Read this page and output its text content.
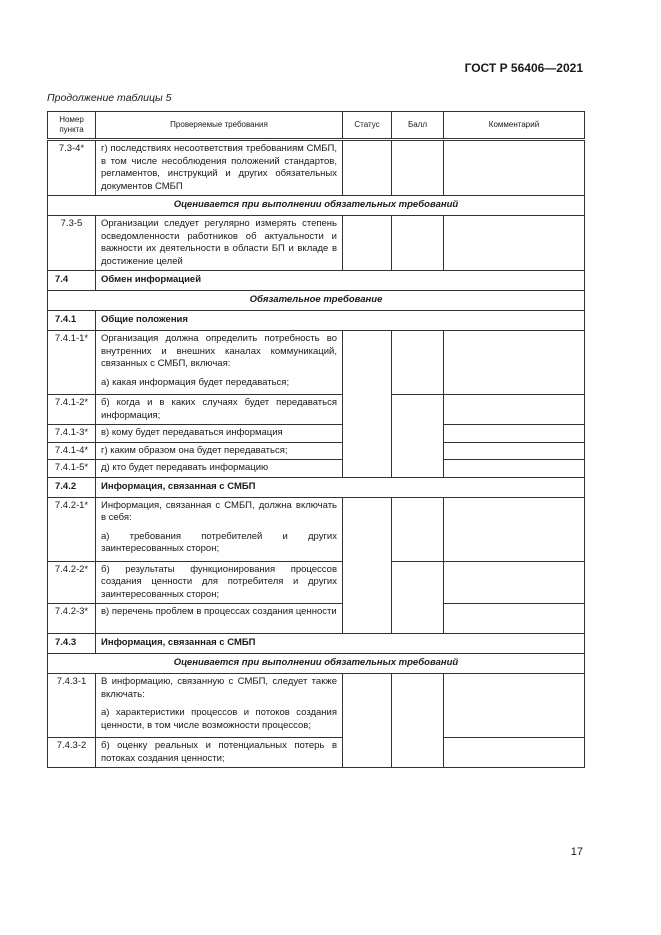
ГОСТ Р 56406—2021
Продолжение таблицы 5
Номер пункта	Проверяемые требования	Статус	Балл	Комментарий
7.3-4*	г) последствиях несоответствия требованиям СМБП, в том числе несоблюдения положений стандартов, регламентов, инструкций и других обязательных документов СМБП			
Оценивается при выполнении обязательных требований				
7.3-5	Организации следует регулярно измерять степень осведомленности работников об актуальности и важности их деятельности в области БП и вкладе в достижение целей			
7.4	Обмен информацией			
Обязательное требование				
7.4.1	Общие положения			
7.4.1-1*	Организация должна определить потребность во внутренних и внешних каналах коммуникаций, связанных с СМБП, включая:

а) какая информация будет передаваться;			

7.4.1-2*	б) когда и в каких случаях будет передаваться информация;			
7.4.1-3*	в) кому будет передаваться информация			
7.4.1-4*	г) каким образом она будет передаваться;			
7.4.1-5*	д) кто будет передавать информацию			
7.4.2	Информация, связанная с СМБП			
7.4.2-1*	Информация, связанная с СМБП, должна включать в себя:

а) требования потребителей и других заинтересованных сторон;			

7.4.2-2*	б) результаты функционирования процессов создания ценности для потребителя и других заинтересованных сторон;			
7.4.2-3*	в) перечень проблем в процессах создания ценности			
7.4.3	Информация, связанная с СМБП			
Оценивается при выполнении обязательных требований				
7.4.3-1	В информацию, связанную с СМБП, следует также включать:

а) характеристики процессов и потоков создания ценности, в том числе возможности процессов;			

7.4.3-2	б) оценку реальных и потенциальных потерь в потоках создания ценности;			
17
